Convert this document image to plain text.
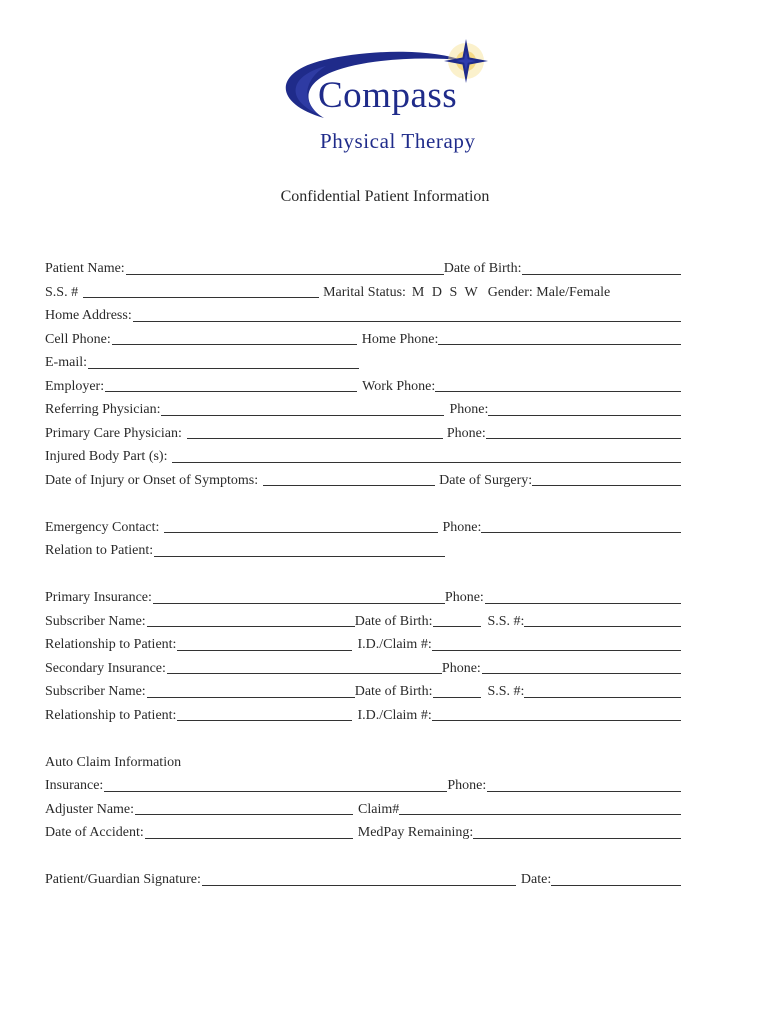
Compass
Physical Therapy
Confidential Patient Information
Patient Name:	Date of Birth:
S.S. #	Marital Status: M D S W Gender: Male/Female
Home Address:
Cell Phone:	Home Phone:
E-mail:
Employer:	Work Phone:
Referring Physician:	Phone:
Primary Care Physician:	Phone:
Injured Body Part (s):
Date of Injury or Onset of Symptoms:	Date of Surgery:
Emergency Contact:	Phone:
Relation to Patient:
Primary Insurance:	Phone:
Subscriber Name:	Date of Birth:	S.S. #:
Relationship to Patient:	I.D./Claim #:
Secondary Insurance:	Phone:
Subscriber Name:	Date of Birth:	S.S. #:
Relationship to Patient:	I.D./Claim #:
Auto Claim Information
Insurance:	Phone:
Adjuster Name:	Claim#
Date of Accident:	MedPay Remaining:
Patient/Guardian Signature:	Date:
